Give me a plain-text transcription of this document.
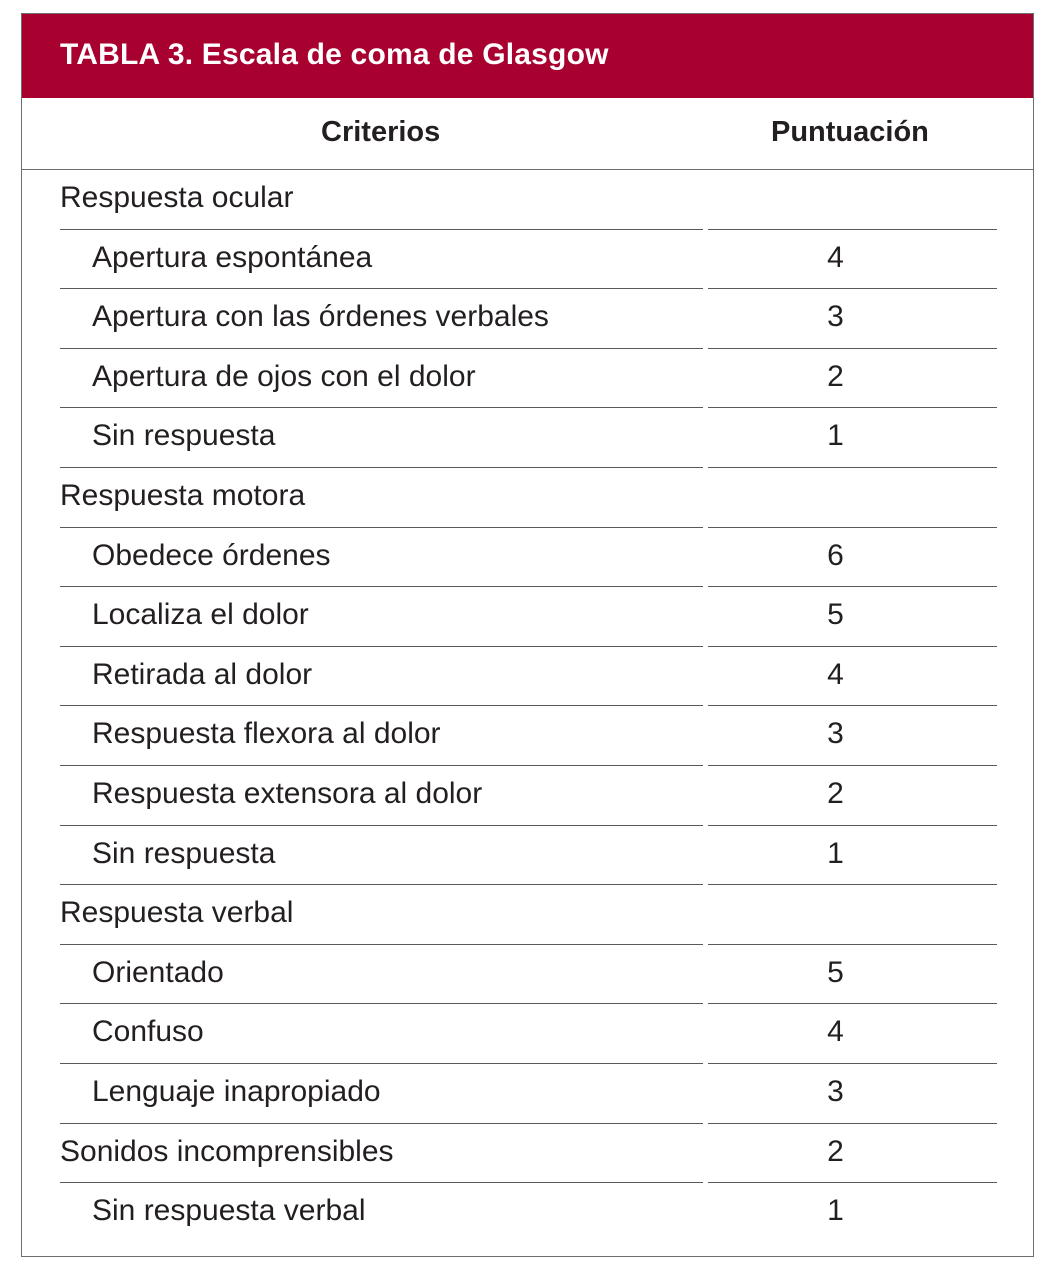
TABLA 3. Escala de coma de Glasgow
Criterios	Puntuación
Respuesta ocular
Apertura espontánea	4
Apertura con las órdenes verbales	3
Apertura de ojos con el dolor	2
Sin respuesta	1
Respuesta motora
Obedece órdenes	6
Localiza el dolor	5
Retirada al dolor	4
Respuesta flexora al dolor	3
Respuesta extensora al dolor	2
Sin respuesta	1
Respuesta verbal
Orientado	5
Confuso	4
Lenguaje inapropiado	3
Sonidos incomprensibles	2
Sin respuesta verbal	1
